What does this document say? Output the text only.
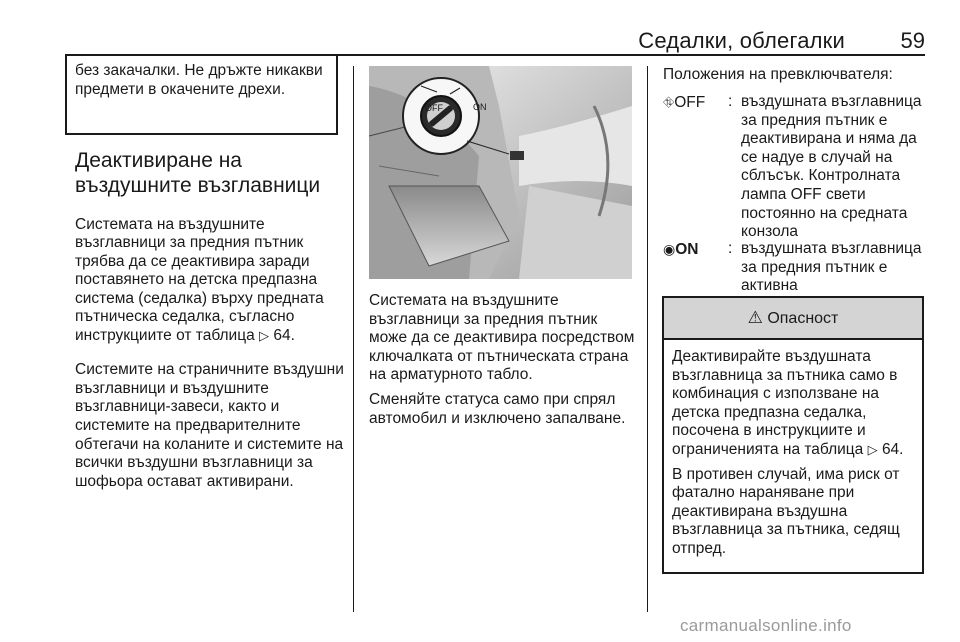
Седалки, облегалки	59
без закачалки. Не дръжте никакви предмети в окачените дрехи.
Деактивиране на въздушните възглавници

Системата на въздушните възглавници за предния пътник трябва да се деактивира заради поставянето на детска предпазна система (седалка) върху предната пътническа седалка, съгласно инструкциите от таблица ▷ 64.

Системите на страничните въздушни възглавници и въздушните възглавници-завеси, както и системите на предварителните обтегачи на коланите и системите на всички въздушни възглавници за шофьора остават активирани.

OFF	ON

Системата на въздушните възглавници за предния пътник може да се деактивира посредством ключалката от пътническата страна на арматурното табло.

Сменяйте статуса само при спрял автомобил и изключено запалване.

Положения на превключвателя:
⛗OFF : въздушната възглавница за предния пътник е деактивирана и няма да се надуе в случай на сблъсък. Контролната лампа OFF свети постоянно на средната конзола
◉ON : въздушната възглавница за предния пътник е активна
⚠ Опасност

Деактивирайте въздушната възглавница за пътника само в комбинация с използване на детска предпазна седалка, посочена в инструкциите и ограниченията на таблица ▷ 64.

В противен случай, има риск от фатално нараняване при деактивирана въздушна възглавница за пътника, седящ отпред.

carmanualsonline.info
